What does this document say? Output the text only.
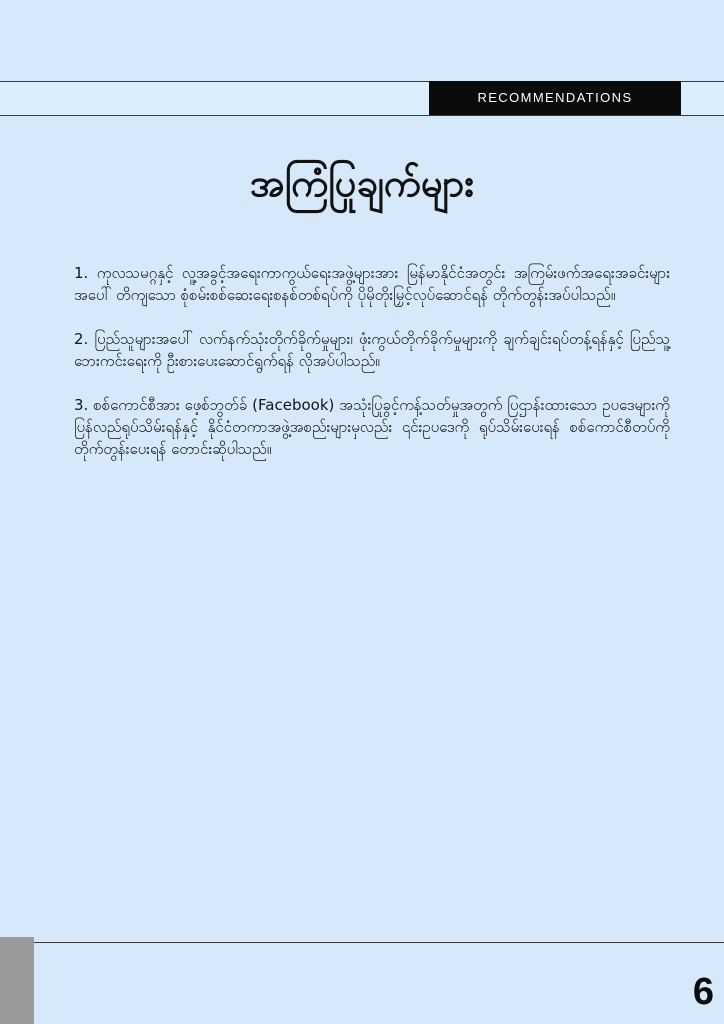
RECOMMENDATIONS
အကြံပြုချက်များ

1. ကုလသမဂ္ဂနှင့် လူ့အခွင့်အရေးကာကွယ်ရေးအဖွဲ့များအား မြန်မာနိုင်ငံအတွင်း အကြမ်းဖက်အရေးအခင်းများအပေါ် တိကျသော စုံစမ်းစစ်ဆေးရေးစနစ်တစ်ရပ်ကို ပိုမိုတိုးမြှင့်လုပ်ဆောင်ရန် တိုက်တွန်းအပ်ပါသည်။

2. ပြည်သူများအပေါ် လက်နက်သုံးတိုက်ခိုက်မှုများ၊ ဖုံးကွယ်တိုက်ခိုက်မှုများကို ချက်ချင်းရပ်တန့်ရန်နှင့် ပြည်သူ့ဘေးကင်းရေးကို ဦးစားပေးဆောင်ရွက်ရန် လိုအပ်ပါသည်။

3. စစ်ကောင်စီအား ဖေ့စ်ဘွတ်ခ် (Facebook) အသုံးပြုခွင့်ကန့်သတ်မှုအတွက် ပြဌာန်းထားသော ဥပဒေများကို ပြန်လည်ရုပ်သိမ်းရန်နှင့် နိုင်ငံတကာအဖွဲ့အစည်းများမှလည်း ၎င်းဥပဒေကို ရုပ်သိမ်းပေးရန် စစ်ကောင်စီတပ်ကို တိုက်တွန်းပေးရန် တောင်းဆိုပါသည်။

6
